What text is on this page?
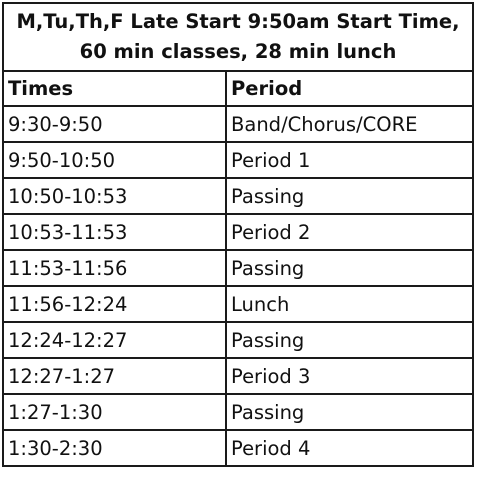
M,Tu,Th,F Late Start 9:50am Start Time,
60 min classes, 28 min lunch
Times	Period
9:30-9:50	Band/Chorus/CORE
9:50-10:50	Period 1
10:50-10:53	Passing
10:53-11:53	Period 2
11:53-11:56	Passing
11:56-12:24	Lunch
12:24-12:27	Passing
12:27-1:27	Period 3
1:27-1:30	Passing
1:30-2:30	Period 4
